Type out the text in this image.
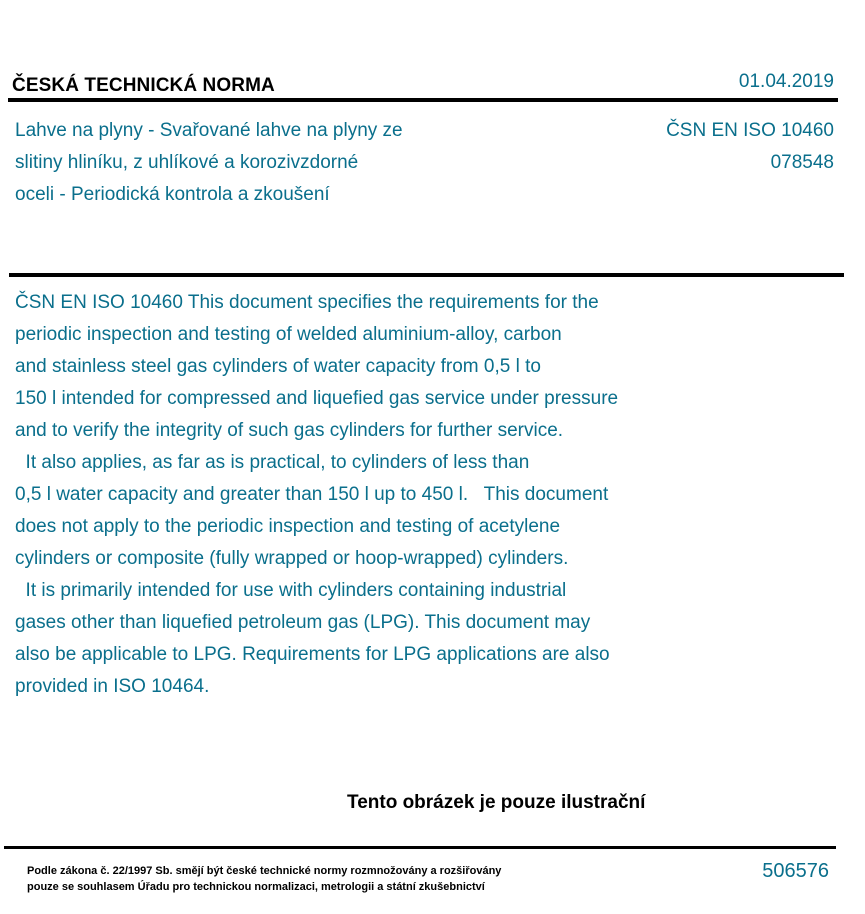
ČESKÁ TECHNICKÁ NORMA	01.04.2019
Lahve na plyny - Svařované lahve na plyny ze
slitiny hliníku, z uhlíkové a korozivzdorné
oceli - Periodická kontrola a zkoušení
ČSN EN ISO 10460
078548
ČSN EN ISO 10460 This document specifies the requirements for the
periodic inspection and testing of welded aluminium-alloy, carbon
and stainless steel gas cylinders of water capacity from 0,5 l to
150 l intended for compressed and liquefied gas service under pressure
and to verify the integrity of such gas cylinders for further service.
It also applies, as far as is practical, to cylinders of less than
0,5 l water capacity and greater than 150 l up to 450 l.   This document
does not apply to the periodic inspection and testing of acetylene
cylinders or composite (fully wrapped or hoop-wrapped) cylinders.
It is primarily intended for use with cylinders containing industrial
gases other than liquefied petroleum gas (LPG). This document may
also be applicable to LPG. Requirements for LPG applications are also
provided in ISO 10464.
Tento obrázek je pouze ilustrační
Podle zákona č. 22/1997 Sb. smějí být české technické normy rozmnožovány a rozšiřovány
pouze se souhlasem Úřadu pro technickou normalizaci, metrologii a státní zkušebnictví
506576
